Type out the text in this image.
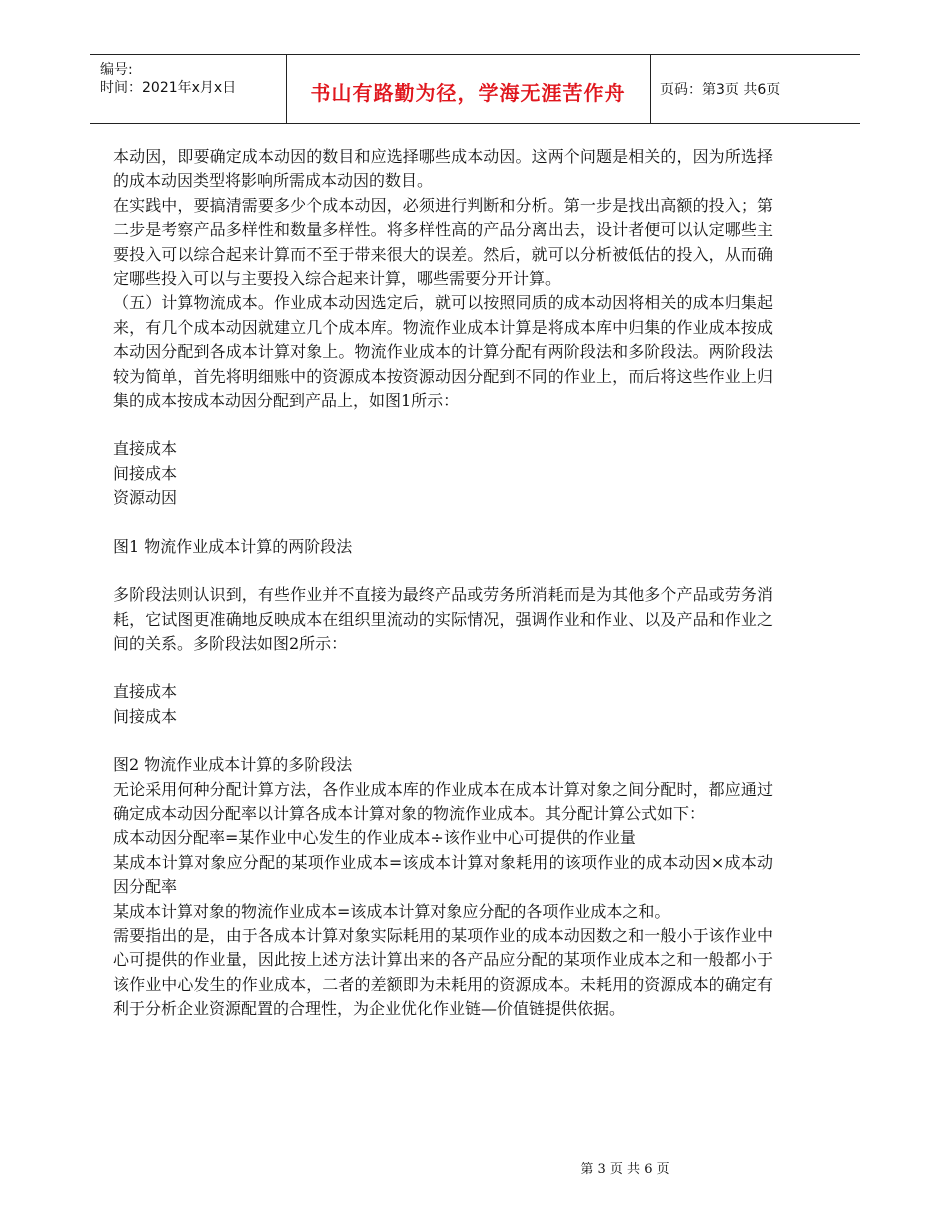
编号:
时间：2021年x月x日	书山有路勤为径，学海无涯苦作舟	页码：第3页 共6页

本动因，即要确定成本动因的数目和应选择哪些成本动因。这两个问题是相关的，因为所选择的成本动因类型将影响所需成本动因的数目。

在实践中，要搞清需要多少个成本动因，必须进行判断和分析。第一步是找出高额的投入；第二步是考察产品多样性和数量多样性。将多样性高的产品分离出去，设计者便可以认定哪些主要投入可以综合起来计算而不至于带来很大的误差。然后，就可以分析被低估的投入，从而确定哪些投入可以与主要投入综合起来计算，哪些需要分开计算。

（五）计算物流成本。作业成本动因选定后，就可以按照同质的成本动因将相关的成本归集起来，有几个成本动因就建立几个成本库。物流作业成本计算是将成本库中归集的作业成本按成本动因分配到各成本计算对象上。物流作业成本的计算分配有两阶段法和多阶段法。两阶段法较为简单，首先将明细账中的资源成本按资源动因分配到不同的作业上，而后将这些作业上归集的成本按成本动因分配到产品上，如图1所示：

直接成本

间接成本

资源动因

图1 物流作业成本计算的两阶段法

多阶段法则认识到，有些作业并不直接为最终产品或劳务所消耗而是为其他多个产品或劳务消耗，它试图更准确地反映成本在组织里流动的实际情况，强调作业和作业、以及产品和作业之间的关系。多阶段法如图2所示：

直接成本

间接成本

图2 物流作业成本计算的多阶段法

无论采用何种分配计算方法，各作业成本库的作业成本在成本计算对象之间分配时，都应通过确定成本动因分配率以计算各成本计算对象的物流作业成本。其分配计算公式如下：

成本动因分配率=某作业中心发生的作业成本÷该作业中心可提供的作业量

某成本计算对象应分配的某项作业成本=该成本计算对象耗用的该项作业的成本动因×成本动因分配率

某成本计算对象的物流作业成本=该成本计算对象应分配的各项作业成本之和。

需要指出的是，由于各成本计算对象实际耗用的某项作业的成本动因数之和一般小于该作业中心可提供的作业量，因此按上述方法计算出来的各产品应分配的某项作业成本之和一般都小于该作业中心发生的作业成本，二者的差额即为未耗用的资源成本。未耗用的资源成本的确定有利于分析企业资源配置的合理性，为企业优化作业链—价值链提供依据。

第 3 页 共 6 页
